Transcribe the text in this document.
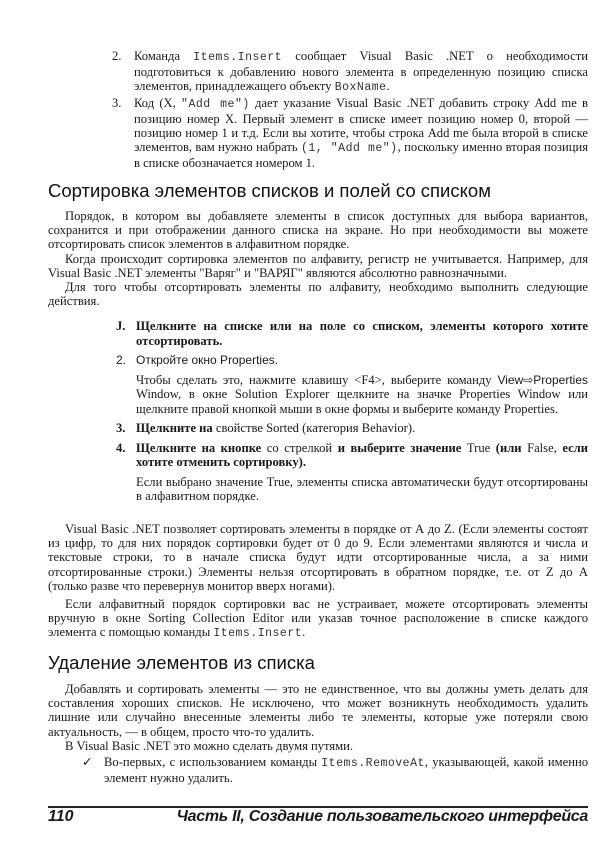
2. Команда Items.Insert сообщает Visual Basic .NET о необходимости подготовиться к добавлению нового элемента в определенную позицию списка элементов, принадлежащего объекту BoxName.
3. Код (X, "Add me") дает указание Visual Basic .NET добавить строку Add me в позицию номер X. Первый элемент в списке имеет позицию номер 0, второй — позицию номер 1 и т.д. Если вы хотите, чтобы строка Add me была второй в списке элементов, вам нужно набрать (1, "Add me"), поскольку именно вторая позиция в списке обозначается номером 1.
Сортировка элементов списков и полей со списком

Порядок, в котором вы добавляете элементы в список доступных для выбора вариантов, сохранится и при отображении данного списка на экране. Но при необходимости вы можете отсортировать список элементов в алфавитном порядке.

Когда происходит сортировка элементов по алфавиту, регистр не учитывается. Например, для Visual Basic .NET элементы "Варяг" и "ВАРЯГ" являются абсолютно равнозначными.

Для того чтобы отсортировать элементы по алфавиту, необходимо выполнить следующие действия.

J. Щелкните на списке или на поле со списком, элементы которого хотите отсортировать.
2. Откройте окно Properties.
Чтобы сделать это, нажмите клавишу <F4>, выберите команду View⇨Properties Window, в окне Solution Explorer щелкните на значке Properties Window или щелкните правой кнопкой мыши в окне формы и выберите команду Properties.
3. Щелкните на свойстве Sorted (категория Behavior).
4. Щелкните на кнопке со стрелкой и выберите значение True (или False, если хотите отменить сортировку).
Если выбрано значение True, элементы списка автоматически будут отсортированы в алфавитном порядке.

Visual Basic .NET позволяет сортировать элементы в порядке от А до Z. (Если элементы состоят из цифр, то для них порядок сортировки будет от 0 до 9. Если элементами являются и числа и текстовые строки, то в начале списка будут идти отсортированные числа, а за ними отсортированные строки.) Элементы нельзя отсортировать в обратном порядке, т.е. от Z до А (только разве что перевернув монитор вверх ногами).

Если алфавитный порядок сортировки вас не устраивает, можете отсортировать элементы вручную в окне Sorting Collection Editor или указав точное расположение в списке каждого элемента с помощью команды Items.Insert.

Удаление элементов из списка

Добавлять и сортировать элементы — это не единственное, что вы должны уметь делать для составления хороших списков. Не исключено, что может возникнуть необходимость удалить лишние или случайно внесенные элементы либо те элементы, которые уже потеряли свою актуальность, — в общем, просто что-то удалить.

В Visual Basic .NET это можно сделать двумя путями.

✓ Во-первых, с использованием команды Items.RemoveAt, указывающей, какой именно элемент нужно удалить.
110	Часть II, Создание пользовательского интерфейса
